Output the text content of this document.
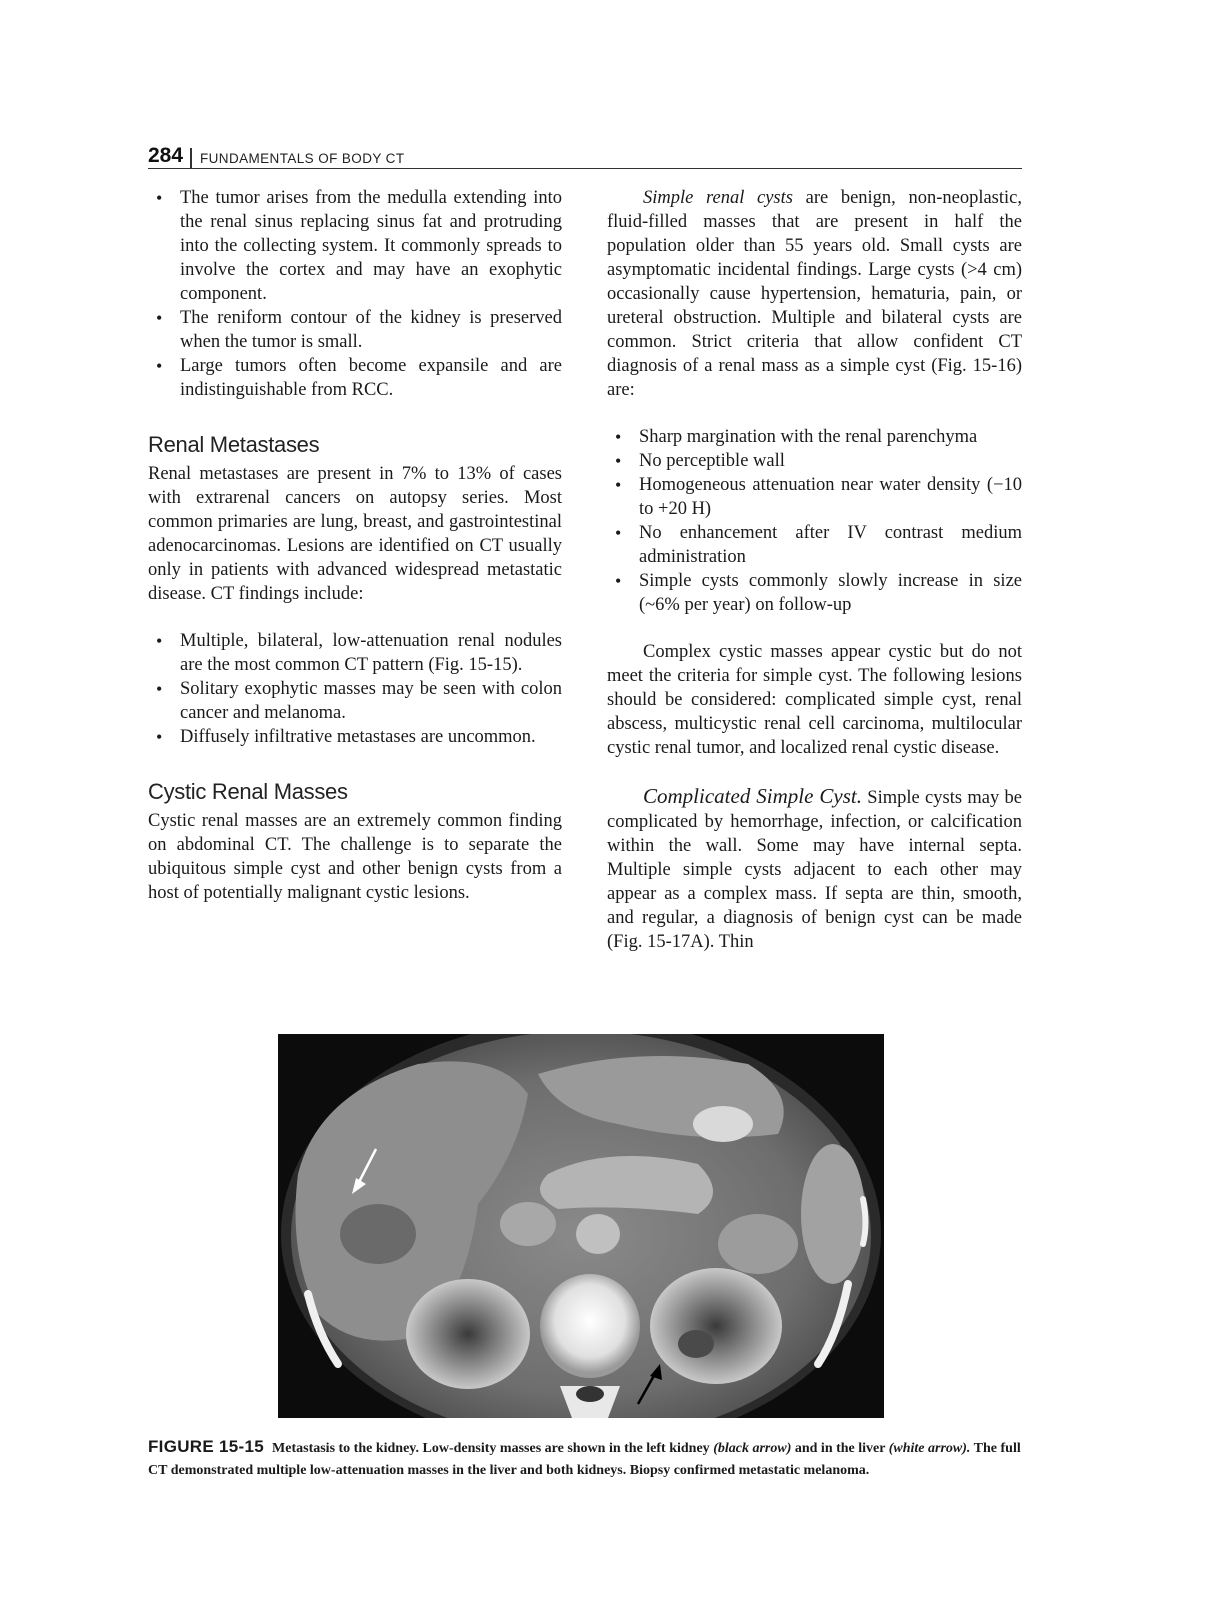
284 FUNDAMENTALS OF BODY CT
• The tumor arises from the medulla extending into the renal sinus replacing sinus fat and protruding into the collecting system. It commonly spreads to involve the cortex and may have an exophytic component.
• The reniform contour of the kidney is preserved when the tumor is small.
• Large tumors often become expansile and are indistinguishable from RCC.
Renal Metastases

Renal metastases are present in 7% to 13% of cases with extrarenal cancers on autopsy series. Most common primaries are lung, breast, and gastrointestinal adenocarcinomas. Lesions are identified on CT usually only in patients with advanced widespread metastatic disease. CT findings include:

• Multiple, bilateral, low-attenuation renal nodules are the most common CT pattern (Fig. 15-15).
• Solitary exophytic masses may be seen with colon cancer and melanoma.
• Diffusely infiltrative metastases are uncommon.
Cystic Renal Masses

Cystic renal masses are an extremely common finding on abdominal CT. The challenge is to separate the ubiquitous simple cyst and other benign cysts from a host of potentially malignant cystic lesions.

Simple renal cysts are benign, non-neoplastic, fluid-filled masses that are present in half the population older than 55 years old. Small cysts are asymptomatic incidental findings. Large cysts (>4 cm) occasionally cause hypertension, hematuria, pain, or ureteral obstruction. Multiple and bilateral cysts are common. Strict criteria that allow confident CT diagnosis of a renal mass as a simple cyst (Fig. 15-16) are:

• Sharp margination with the renal parenchyma
• No perceptible wall
• Homogeneous attenuation near water density (−10 to +20 H)
• No enhancement after IV contrast medium administration
• Simple cysts commonly slowly increase in size (~6% per year) on follow-up

Complex cystic masses appear cystic but do not meet the criteria for simple cyst. The following lesions should be considered: complicated simple cyst, renal abscess, multicystic renal cell carcinoma, multilocular cystic renal tumor, and localized renal cystic disease.

Complicated Simple Cyst. Simple cysts may be complicated by hemorrhage, infection, or calcification within the wall. Some may have internal septa. Multiple simple cysts adjacent to each other may appear as a complex mass. If septa are thin, smooth, and regular, a diagnosis of benign cyst can be made (Fig. 15-17A). Thin

FIGURE 15-15 Metastasis to the kidney. Low-density masses are shown in the left kidney (black arrow) and in the liver (white arrow). The full CT demonstrated multiple low-attenuation masses in the liver and both kidneys. Biopsy confirmed metastatic melanoma.
